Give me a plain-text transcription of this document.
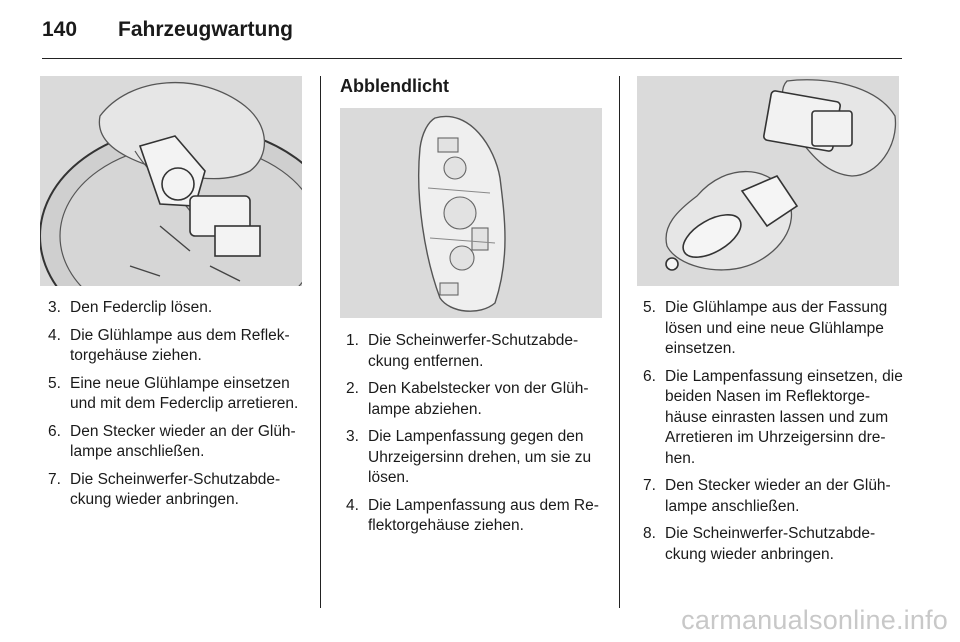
140	Fahrzeugwartung
3. Den Federclip lösen.
4. Die Glühlampe aus dem Reflek-torgehäuse ziehen.
5. Eine neue Glühlampe einsetzen und mit dem Federclip arretieren.
6. Den Stecker wieder an der Glüh-lampe anschließen.
7. Die Scheinwerfer-Schutzabde-ckung wieder anbringen.
Abblendlicht
1. Die Scheinwerfer-Schutzabde-ckung entfernen.
2. Den Kabelstecker von der Glüh-lampe abziehen.
3. Die Lampenfassung gegen den Uhrzeigersinn drehen, um sie zu lösen.
4. Die Lampenfassung aus dem Re-flektorgehäuse ziehen.
5. Die Glühlampe aus der Fassung lösen und eine neue Glühlampe einsetzen.
6. Die Lampenfassung einsetzen, die beiden Nasen im Reflektorge-häuse einrasten lassen und zum Arretieren im Uhrzeigersinn dre-hen.
7. Den Stecker wieder an der Glüh-lampe anschließen.
8. Die Scheinwerfer-Schutzabde-ckung wieder anbringen.
carmanualsonline.info
